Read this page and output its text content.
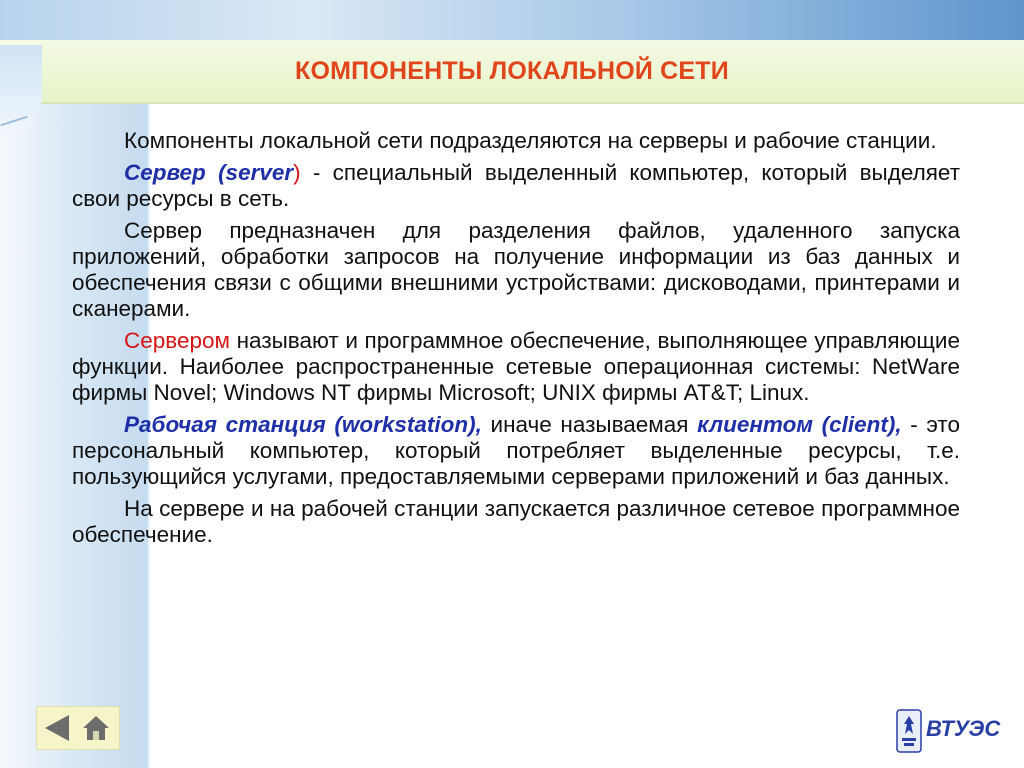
КОМПОНЕНТЫ ЛОКАЛЬНОЙ СЕТИ

Компоненты локальной сети подразделяются на серверы и рабочие станции.

Сервер (server) - специальный выделенный компьютер, который выделяет свои ресурсы в сеть.

Сервер предназначен для разделения файлов, удаленного запуска приложений, обработки запросов на получение информации из баз данных и обеспечения связи с общими внешними устройствами: дисководами, принтерами и сканерами.

Сервером называют и программное обеспечение, выполняющее управляющие функции. Наиболее распространенные сетевые операционная системы: NetWare фирмы Novel; Windows NT фирмы Microsoft; UNIX фирмы AT&T; Linux.

Рабочая станция (workstation), иначе называемая клиентом (client), - это персональный компьютер, который потребляет выделенные ресурсы, т.е. пользующийся услугами, предоставляемыми серверами приложений и баз данных.

На сервере и на рабочей станции запускается различное сетевое программное обеспечение.

ВТУЭС
